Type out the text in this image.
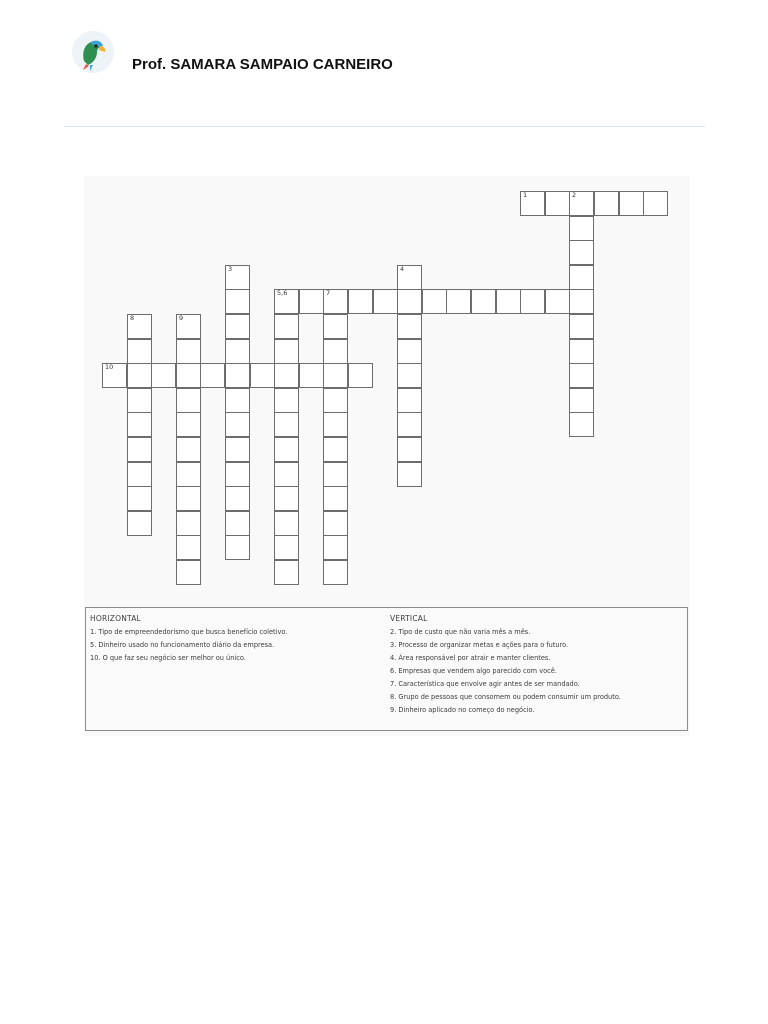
Prof. SAMARA SAMPAIO CARNEIRO
1	2
3	4
5,6	7
8	9
10
HORIZONTAL
1. Tipo de empreendedorismo que busca benefício coletivo.
5. Dinheiro usado no funcionamento diário da empresa.
10. O que faz seu negócio ser melhor ou único.
VERTICAL
2. Tipo de custo que não varia mês a mês.
3. Processo de organizar metas e ações para o futuro.
4. Área responsável por atrair e manter clientes.
6. Empresas que vendem algo parecido com você.
7. Característica que envolve agir antes de ser mandado.
8. Grupo de pessoas que consomem ou podem consumir um produto.
9. Dinheiro aplicado no começo do negócio.
